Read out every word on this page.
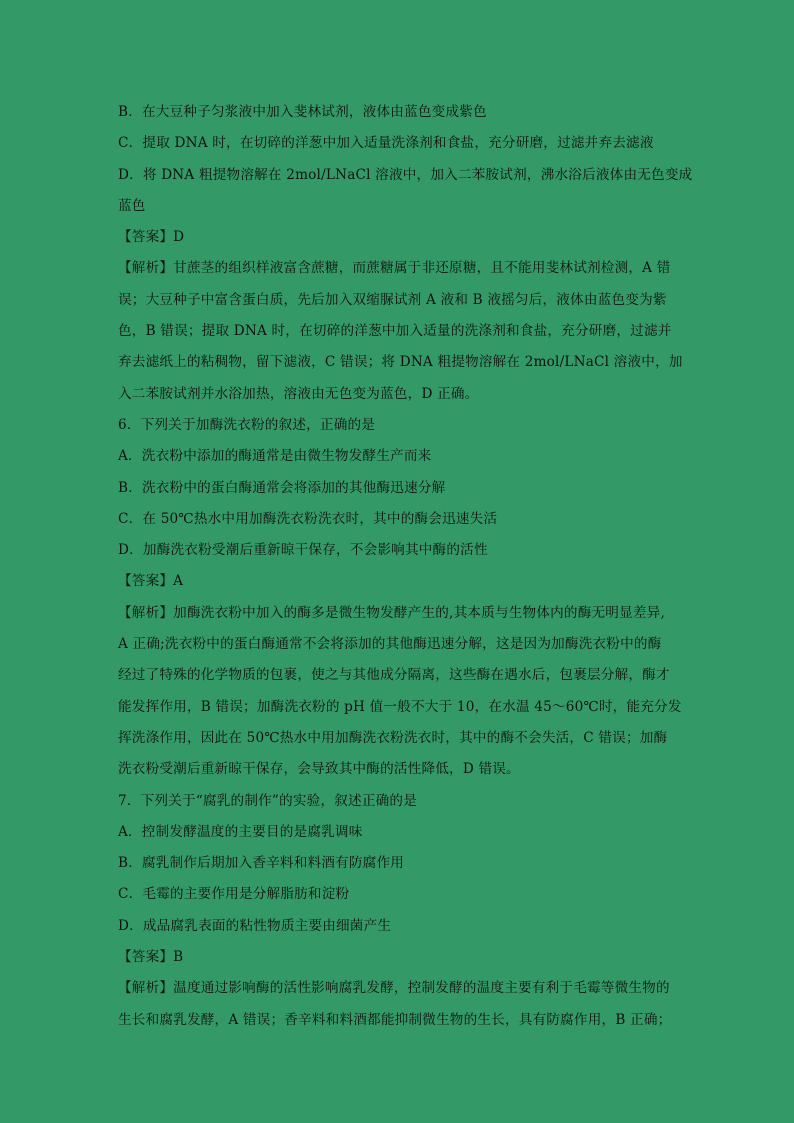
B．在大豆种子匀浆液中加入斐林试剂，液体由蓝色变成紫色
C．提取 DNA 时，在切碎的洋葱中加入适量洗涤剂和食盐，充分研磨，过滤并弃去滤液
D．将 DNA 粗提物溶解在 2mol/LNaCl 溶液中，加入二苯胺试剂，沸水浴后液体由无色变成
蓝色
【答案】D
【解析】甘蔗茎的组织样液富含蔗糖，而蔗糖属于非还原糖，且不能用斐林试剂检测，A 错
误；大豆种子中富含蛋白质，先后加入双缩脲试剂 A 液和 B 液摇匀后，液体由蓝色变为紫
色，B 错误；提取 DNA 时，在切碎的洋葱中加入适量的洗涤剂和食盐，充分研磨，过滤并
弃去滤纸上的粘稠物，留下滤液，C 错误；将 DNA 粗提物溶解在 2mol/LNaCl 溶液中，加
入二苯胺试剂并水浴加热，溶液由无色变为蓝色，D 正确。
6．下列关于加酶洗衣粉的叙述，正确的是
A．洗衣粉中添加的酶通常是由微生物发酵生产而来
B．洗衣粉中的蛋白酶通常会将添加的其他酶迅速分解
C．在 50℃热水中用加酶洗衣粉洗衣时，其中的酶会迅速失活
D．加酶洗衣粉受潮后重新晾干保存，不会影响其中酶的活性
【答案】A
【解析】加酶洗衣粉中加入的酶多是微生物发酵产生的,其本质与生物体内的酶无明显差异,
A 正确;洗衣粉中的蛋白酶通常不会将添加的其他酶迅速分解，这是因为加酶洗衣粉中的酶
经过了特殊的化学物质的包裹，使之与其他成分隔离，这些酶在遇水后，包裹层分解，酶才
能发挥作用，B 错误；加酶洗衣粉的 pH 值一般不大于 10，在水温 45～60℃时，能充分发
挥洗涤作用，因此在 50℃热水中用加酶洗衣粉洗衣时，其中的酶不会失活，C 错误；加酶
洗衣粉受潮后重新晾干保存，会导致其中酶的活性降低，D 错误。
7．下列关于“腐乳的制作”的实验，叙述正确的是
A．控制发酵温度的主要目的是腐乳调味
B．腐乳制作后期加入香辛料和料酒有防腐作用
C．毛霉的主要作用是分解脂肪和淀粉
D．成品腐乳表面的粘性物质主要由细菌产生
【答案】B
【解析】温度通过影响酶的活性影响腐乳发酵，控制发酵的温度主要有利于毛霉等微生物的
生长和腐乳发酵，A 错误；香辛料和料酒都能抑制微生物的生长，具有防腐作用，B 正确；
